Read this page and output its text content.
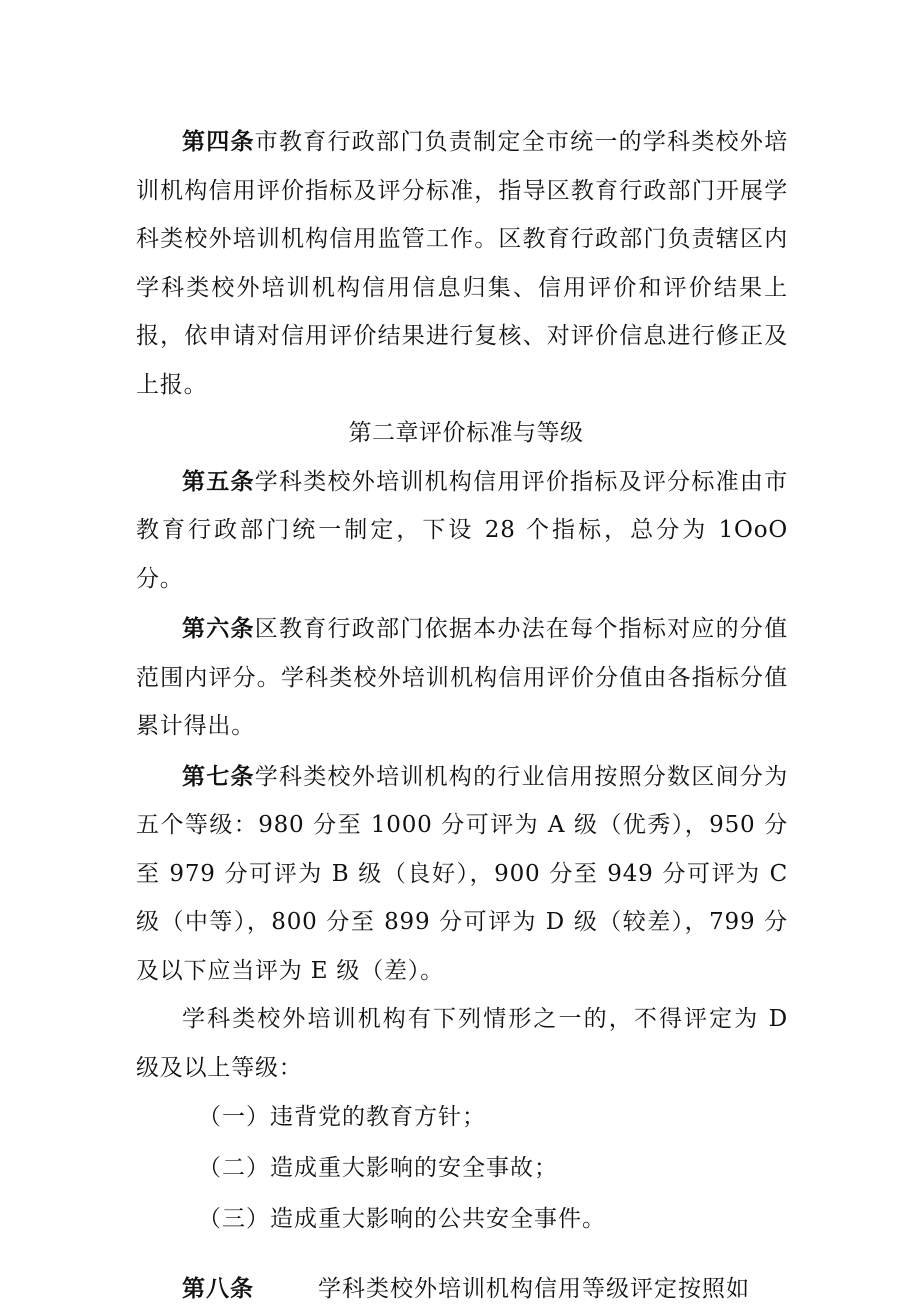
第四条市教育行政部门负责制定全市统一的学科类校外培训机构信用评价指标及评分标准，指导区教育行政部门开展学科类校外培训机构信用监管工作。区教育行政部门负责辖区内学科类校外培训机构信用信息归集、信用评价和评价结果上报，依申请对信用评价结果进行复核、对评价信息进行修正及上报。

第二章评价标准与等级

第五条学科类校外培训机构信用评价指标及评分标准由市教育行政部门统一制定，下设 28 个指标，总分为 1OoO 分。

第六条区教育行政部门依据本办法在每个指标对应的分值范围内评分。学科类校外培训机构信用评价分值由各指标分值累计得出。

第七条学科类校外培训机构的行业信用按照分数区间分为五个等级：980 分至 1000 分可评为 A 级（优秀），950 分至 979 分可评为 B 级（良好），900 分至 949 分可评为 C 级（中等），800 分至 899 分可评为 D 级（较差），799 分及以下应当评为 E 级（差）。

学科类校外培训机构有下列情形之一的，不得评定为 D 级及以上等级：

（一）违背党的教育方针；

（二）造成重大影响的安全事故；

（三）造成重大影响的公共安全事件。

第八条	学科类校外培训机构信用等级评定按照如
